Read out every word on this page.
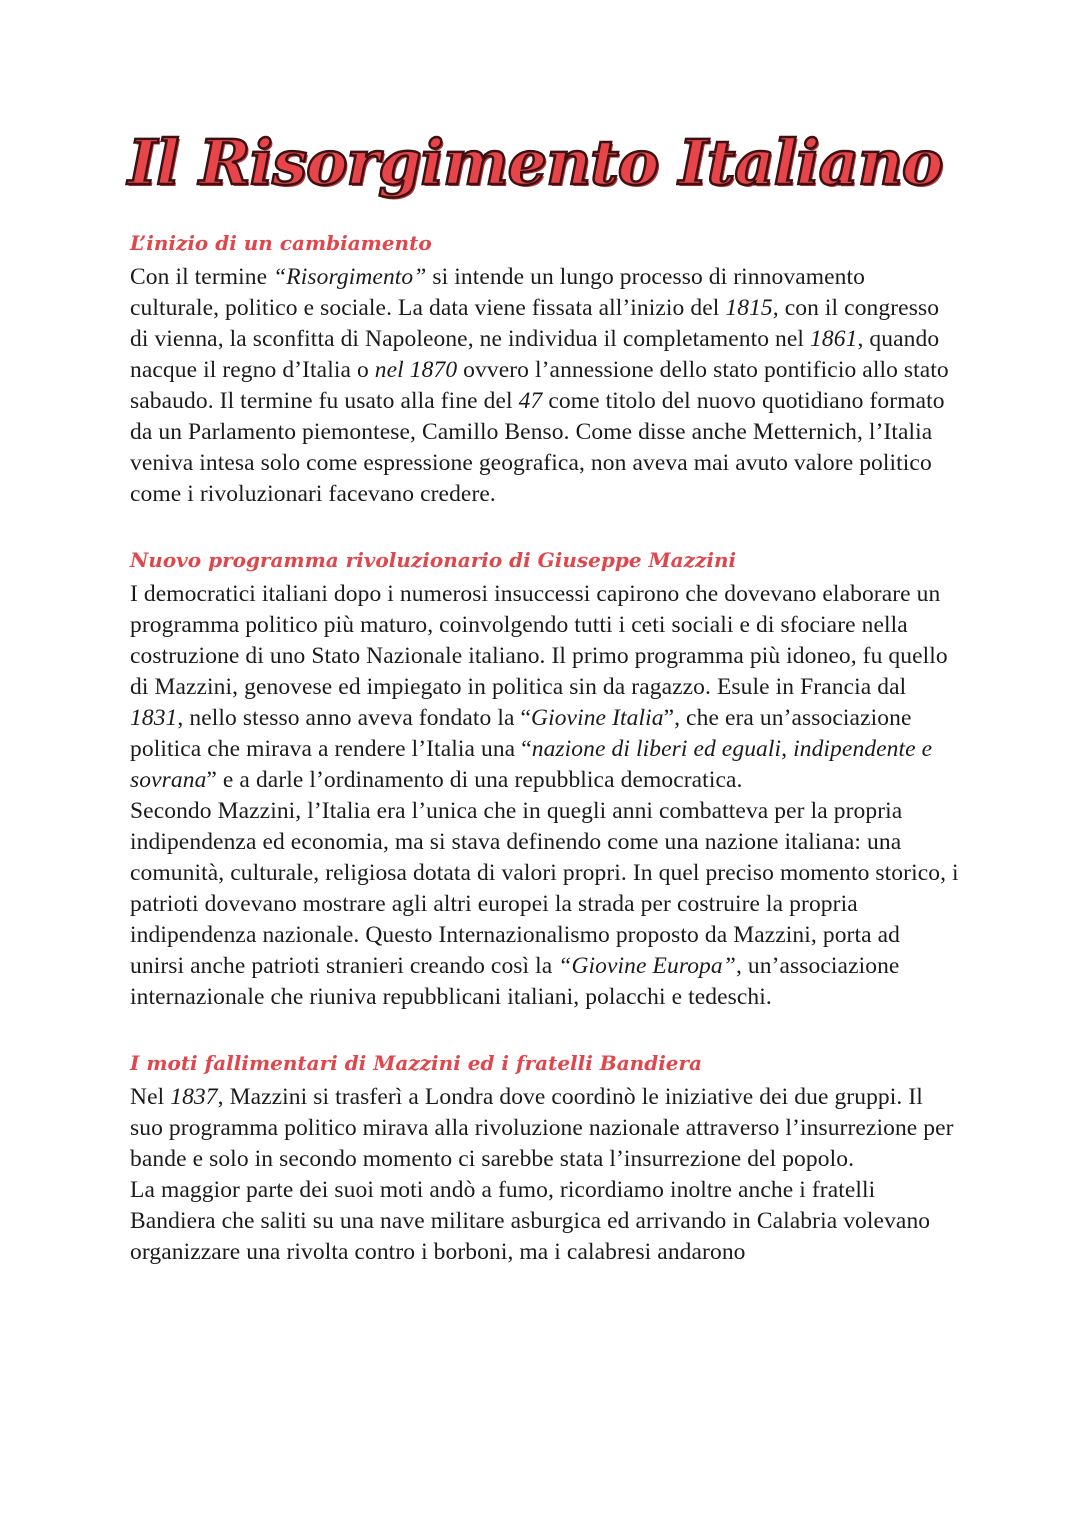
Il Risorgimento Italiano
L’inizio di un cambiamento

Con il termine “Risorgimento” si intende un lungo processo di rinnovamento culturale, politico e sociale. La data viene fissata all’inizio del 1815, con il congresso di vienna, la sconfitta di Napoleone, ne individua il completamento nel 1861, quando nacque il regno d’Italia o nel 1870 ovvero l’annessione dello stato pontificio allo stato sabaudo. Il termine fu usato alla fine del 47 come titolo del nuovo quotidiano formato da un Parlamento piemontese, Camillo Benso. Come disse anche Metternich, l’Italia veniva intesa solo come espressione geografica, non aveva mai avuto valore politico come i rivoluzionari facevano credere.

Nuovo programma rivoluzionario di Giuseppe Mazzini

I democratici italiani dopo i numerosi insuccessi capirono che dovevano elaborare un programma politico più maturo, coinvolgendo tutti i ceti sociali e di sfociare nella costruzione di uno Stato Nazionale italiano. Il primo programma più idoneo, fu quello di Mazzini, genovese ed impiegato in politica sin da ragazzo. Esule in Francia dal 1831, nello stesso anno aveva fondato la “Giovine Italia”, che era un’associazione politica che mirava a rendere l’Italia una “nazione di liberi ed eguali, indipendente e sovrana” e a darle l’ordinamento di una repubblica democratica.

Secondo Mazzini, l’Italia era l’unica che in quegli anni combatteva per la propria indipendenza ed economia, ma si stava definendo come una nazione italiana: una comunità, culturale, religiosa dotata di valori propri. In quel preciso momento storico, i patrioti dovevano mostrare agli altri europei la strada per costruire la propria indipendenza nazionale. Questo Internazionalismo proposto da Mazzini, porta ad unirsi anche patrioti stranieri creando così la “Giovine Europa”, un’associazione internazionale che riuniva repubblicani italiani, polacchi e tedeschi.

I moti fallimentari di Mazzini ed i fratelli Bandiera

Nel 1837, Mazzini si trasferì a Londra dove coordinò le iniziative dei due gruppi. Il suo programma politico mirava alla rivoluzione nazionale attraverso l’insurrezione per bande e solo in secondo momento ci sarebbe stata l’insurrezione del popolo.

La maggior parte dei suoi moti andò a fumo, ricordiamo inoltre anche i fratelli Bandiera che saliti su una nave militare asburgica ed arrivando in Calabria volevano organizzare una rivolta contro i borboni, ma i calabresi andarono
